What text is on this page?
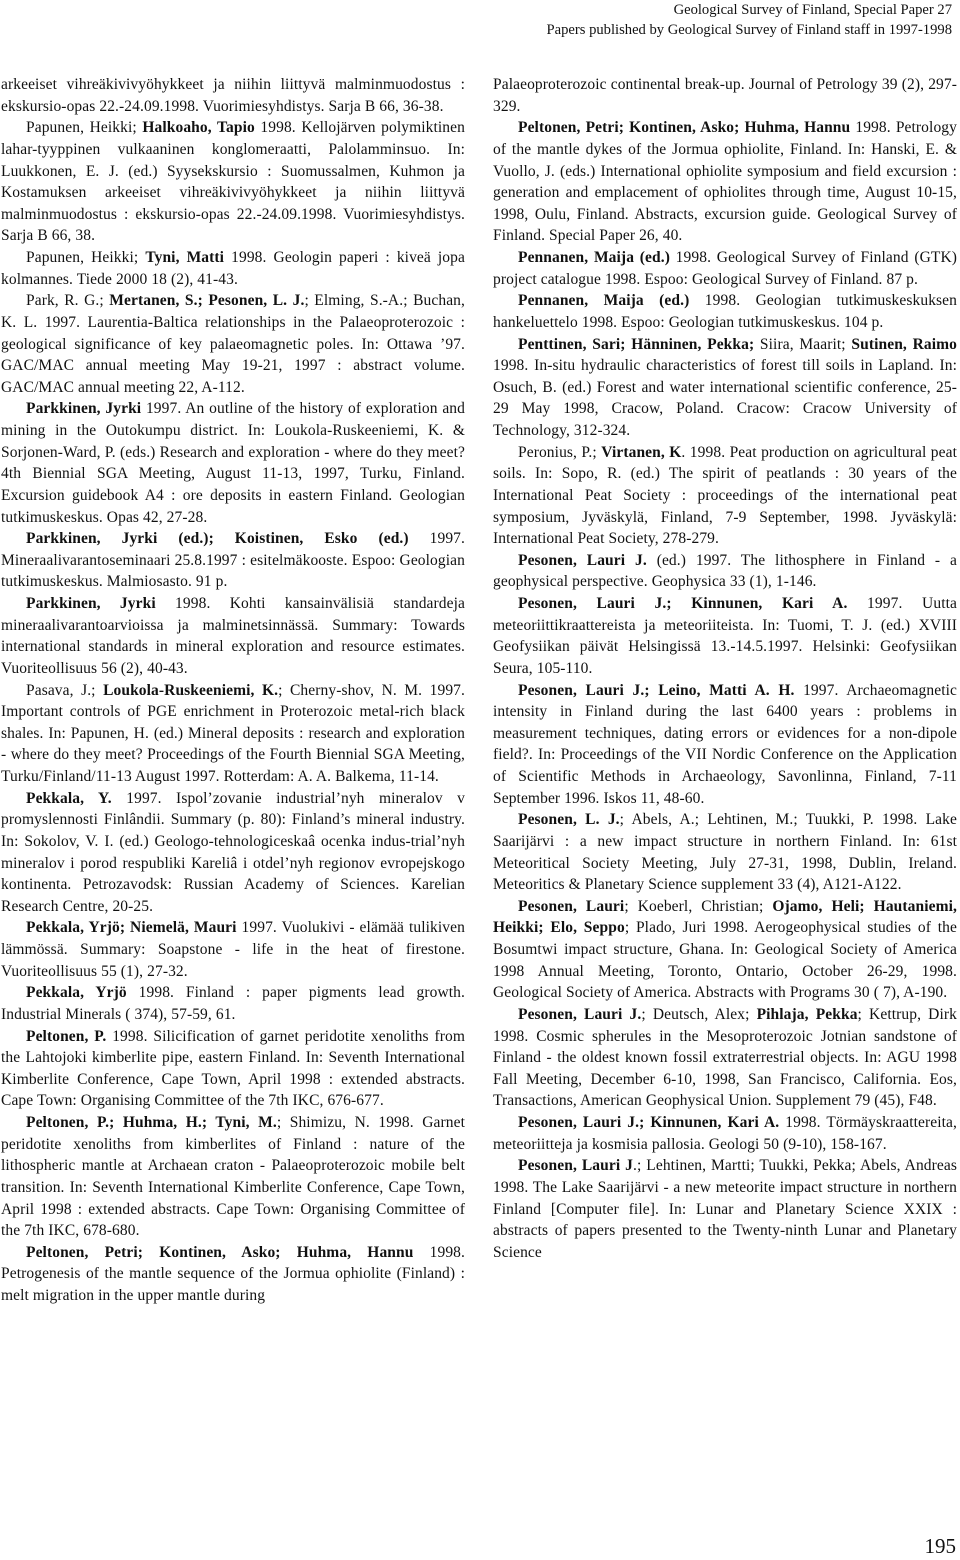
Geological Survey of Finland, Special Paper 27
Papers published by Geological Survey of Finland staff in 1997-1998

arkeeiset vihreäkivivyöhykkeet ja niihin liittyvä malminmuodostus : ekskursio-opas 22.-24.09.1998. Vuorimiesyhdistys. Sarja B 66, 36-38.

Papunen, Heikki; Halkoaho, Tapio 1998. Kellojärven polymiktinen lahar-tyyppinen vulkaaninen konglomeraatti, Palolamminsuo. In: Luukkonen, E. J. (ed.) Syysekskursio : Suomussalmen, Kuhmon ja Kostamuksen arkeeiset vihreäkivivyöhykkeet ja niihin liittyvä malminmuodostus : ekskursio-opas 22.-24.09.1998. Vuorimiesyhdistys. Sarja B 66, 38.

Papunen, Heikki; Tyni, Matti 1998. Geologin paperi : kiveä jopa kolmannes. Tiede 2000 18 (2), 41-43.

Park, R. G.; Mertanen, S.; Pesonen, L. J.; Elming, S.-A.; Buchan, K. L. 1997. Laurentia-Baltica relationships in the Palaeoproterozoic : geological significance of key palaeomagnetic poles. In: Ottawa ’97. GAC/MAC annual meeting May 19-21, 1997 : abstract volume. GAC/MAC annual meeting 22, A-112.

Parkkinen, Jyrki 1997. An outline of the history of exploration and mining in the Outokumpu district. In: Loukola-Ruskeeniemi, K. & Sorjonen-Ward, P. (eds.) Research and exploration - where do they meet? 4th Biennial SGA Meeting, August 11-13, 1997, Turku, Finland. Excursion guidebook A4 : ore deposits in eastern Finland. Geologian tutkimuskeskus. Opas 42, 27-28.

Parkkinen, Jyrki (ed.); Koistinen, Esko (ed.) 1997. Mineraalivarantoseminaari 25.8.1997 : esitelmäkooste. Espoo: Geologian tutkimuskeskus. Malmiosasto. 91 p.

Parkkinen, Jyrki 1998. Kohti kansainvälisiä standardeja mineraalivarantoarvioissa ja malminetsinnässä. Summary: Towards international standards in mineral exploration and resource estimates. Vuoriteollisuus 56 (2), 40-43.

Pasava, J.; Loukola-Ruskeeniemi, K.; Cherny-shov, N. M. 1997. Important controls of PGE enrichment in Proterozoic metal-rich black shales. In: Papunen, H. (ed.) Mineral deposits : research and exploration - where do they meet? Proceedings of the Fourth Biennial SGA Meeting, Turku/Finland/11-13 August 1997. Rotterdam: A. A. Balkema, 11-14.

Pekkala, Y. 1997. Ispol’zovanie industrial’nyh mineralov v promyslennosti Finlândii. Summary (p. 80): Finland’s mineral industry. In: Sokolov, V. I. (ed.) Geologo-tehnologiceskaâ ocenka indus-trial’nyh mineralov i porod respubliki Kareliâ i otdel’nyh regionov evropejskogo kontinenta. Petrozavodsk: Russian Academy of Sciences. Karelian Research Centre, 20-25.

Pekkala, Yrjö; Niemelä, Mauri 1997. Vuolukivi - elämää tulikiven lämmössä. Summary: Soapstone - life in the heat of firestone. Vuoriteollisuus 55 (1), 27-32.

Pekkala, Yrjö 1998. Finland : paper pigments lead growth. Industrial Minerals ( 374), 57-59, 61.

Peltonen, P. 1998. Silicification of garnet peridotite xenoliths from the Lahtojoki kimberlite pipe, eastern Finland. In: Seventh International Kimberlite Conference, Cape Town, April 1998 : extended abstracts. Cape Town: Organising Committee of the 7th IKC, 676-677.

Peltonen, P.; Huhma, H.; Tyni, M.; Shimizu, N. 1998. Garnet peridotite xenoliths from kimberlites of Finland : nature of the lithospheric mantle at Archaean craton - Palaeoproterozoic mobile belt transition. In: Seventh International Kimberlite Conference, Cape Town, April 1998 : extended abstracts. Cape Town: Organising Committee of the 7th IKC, 678-680.

Peltonen, Petri; Kontinen, Asko; Huhma, Hannu 1998. Petrogenesis of the mantle sequence of the Jormua ophiolite (Finland) : melt migration in the upper mantle during

Palaeoproterozoic continental break-up. Journal of Petrology 39 (2), 297-329.

Peltonen, Petri; Kontinen, Asko; Huhma, Hannu 1998. Petrology of the mantle dykes of the Jormua ophiolite, Finland. In: Hanski, E. & Vuollo, J. (eds.) International ophiolite symposium and field excursion : generation and emplacement of ophiolites through time, August 10-15, 1998, Oulu, Finland. Abstracts, excursion guide. Geological Survey of Finland. Special Paper 26, 40.

Pennanen, Maija (ed.) 1998. Geological Survey of Finland (GTK) project catalogue 1998. Espoo: Geological Survey of Finland. 87 p.

Pennanen, Maija (ed.) 1998. Geologian tutkimuskeskuksen hankeluettelo 1998. Espoo: Geologian tutkimuskeskus. 104 p.

Penttinen, Sari; Hänninen, Pekka; Siira, Maarit; Sutinen, Raimo 1998. In-situ hydraulic characteristics of forest till soils in Lapland. In: Osuch, B. (ed.) Forest and water international scientific conference, 25-29 May 1998, Cracow, Poland. Cracow: Cracow University of Technology, 312-324.

Peronius, P.; Virtanen, K. 1998. Peat production on agricultural peat soils. In: Sopo, R. (ed.) The spirit of peatlands : 30 years of the International Peat Society : proceedings of the international peat symposium, Jyväskylä, Finland, 7-9 September, 1998. Jyväskylä: International Peat Society, 278-279.

Pesonen, Lauri J. (ed.) 1997. The lithosphere in Finland - a geophysical perspective. Geophysica 33 (1), 1-146.

Pesonen, Lauri J.; Kinnunen, Kari A. 1997. Uutta meteoriittikraattereista ja meteoriiteista. In: Tuomi, T. J. (ed.) XVIII Geofysiikan päivät Helsingissä 13.-14.5.1997. Helsinki: Geofysiikan Seura, 105-110.

Pesonen, Lauri J.; Leino, Matti A. H. 1997. Archaeomagnetic intensity in Finland during the last 6400 years : problems in measurement techniques, dating errors or evidences for a non-dipole field?. In: Proceedings of the VII Nordic Conference on the Application of Scientific Methods in Archaeology, Savonlinna, Finland, 7-11 September 1996. Iskos 11, 48-60.

Pesonen, L. J.; Abels, A.; Lehtinen, M.; Tuukki, P. 1998. Lake Saarijärvi : a new impact structure in northern Finland. In: 61st Meteoritical Society Meeting, July 27-31, 1998, Dublin, Ireland. Meteoritics & Planetary Science supplement 33 (4), A121-A122.

Pesonen, Lauri; Koeberl, Christian; Ojamo, Heli; Hautaniemi, Heikki; Elo, Seppo; Plado, Juri 1998. Aerogeophysical studies of the Bosumtwi impact structure, Ghana. In: Geological Society of America 1998 Annual Meeting, Toronto, Ontario, October 26-29, 1998. Geological Society of America. Abstracts with Programs 30 ( 7), A-190.

Pesonen, Lauri J.; Deutsch, Alex; Pihlaja, Pekka; Kettrup, Dirk 1998. Cosmic spherules in the Mesoproterozoic Jotnian sandstone of Finland - the oldest known fossil extraterrestrial objects. In: AGU 1998 Fall Meeting, December 6-10, 1998, San Francisco, California. Eos, Transactions, American Geophysical Union. Supplement 79 (45), F48.

Pesonen, Lauri J.; Kinnunen, Kari A. 1998. Törmäyskraattereita, meteoriitteja ja kosmisia pallosia. Geologi 50 (9-10), 158-167.

Pesonen, Lauri J.; Lehtinen, Martti; Tuukki, Pekka; Abels, Andreas 1998. The Lake Saarijärvi - a new meteorite impact structure in northern Finland [Computer file]. In: Lunar and Planetary Science XXIX : abstracts of papers presented to the Twenty-ninth Lunar and Planetary Science

195
